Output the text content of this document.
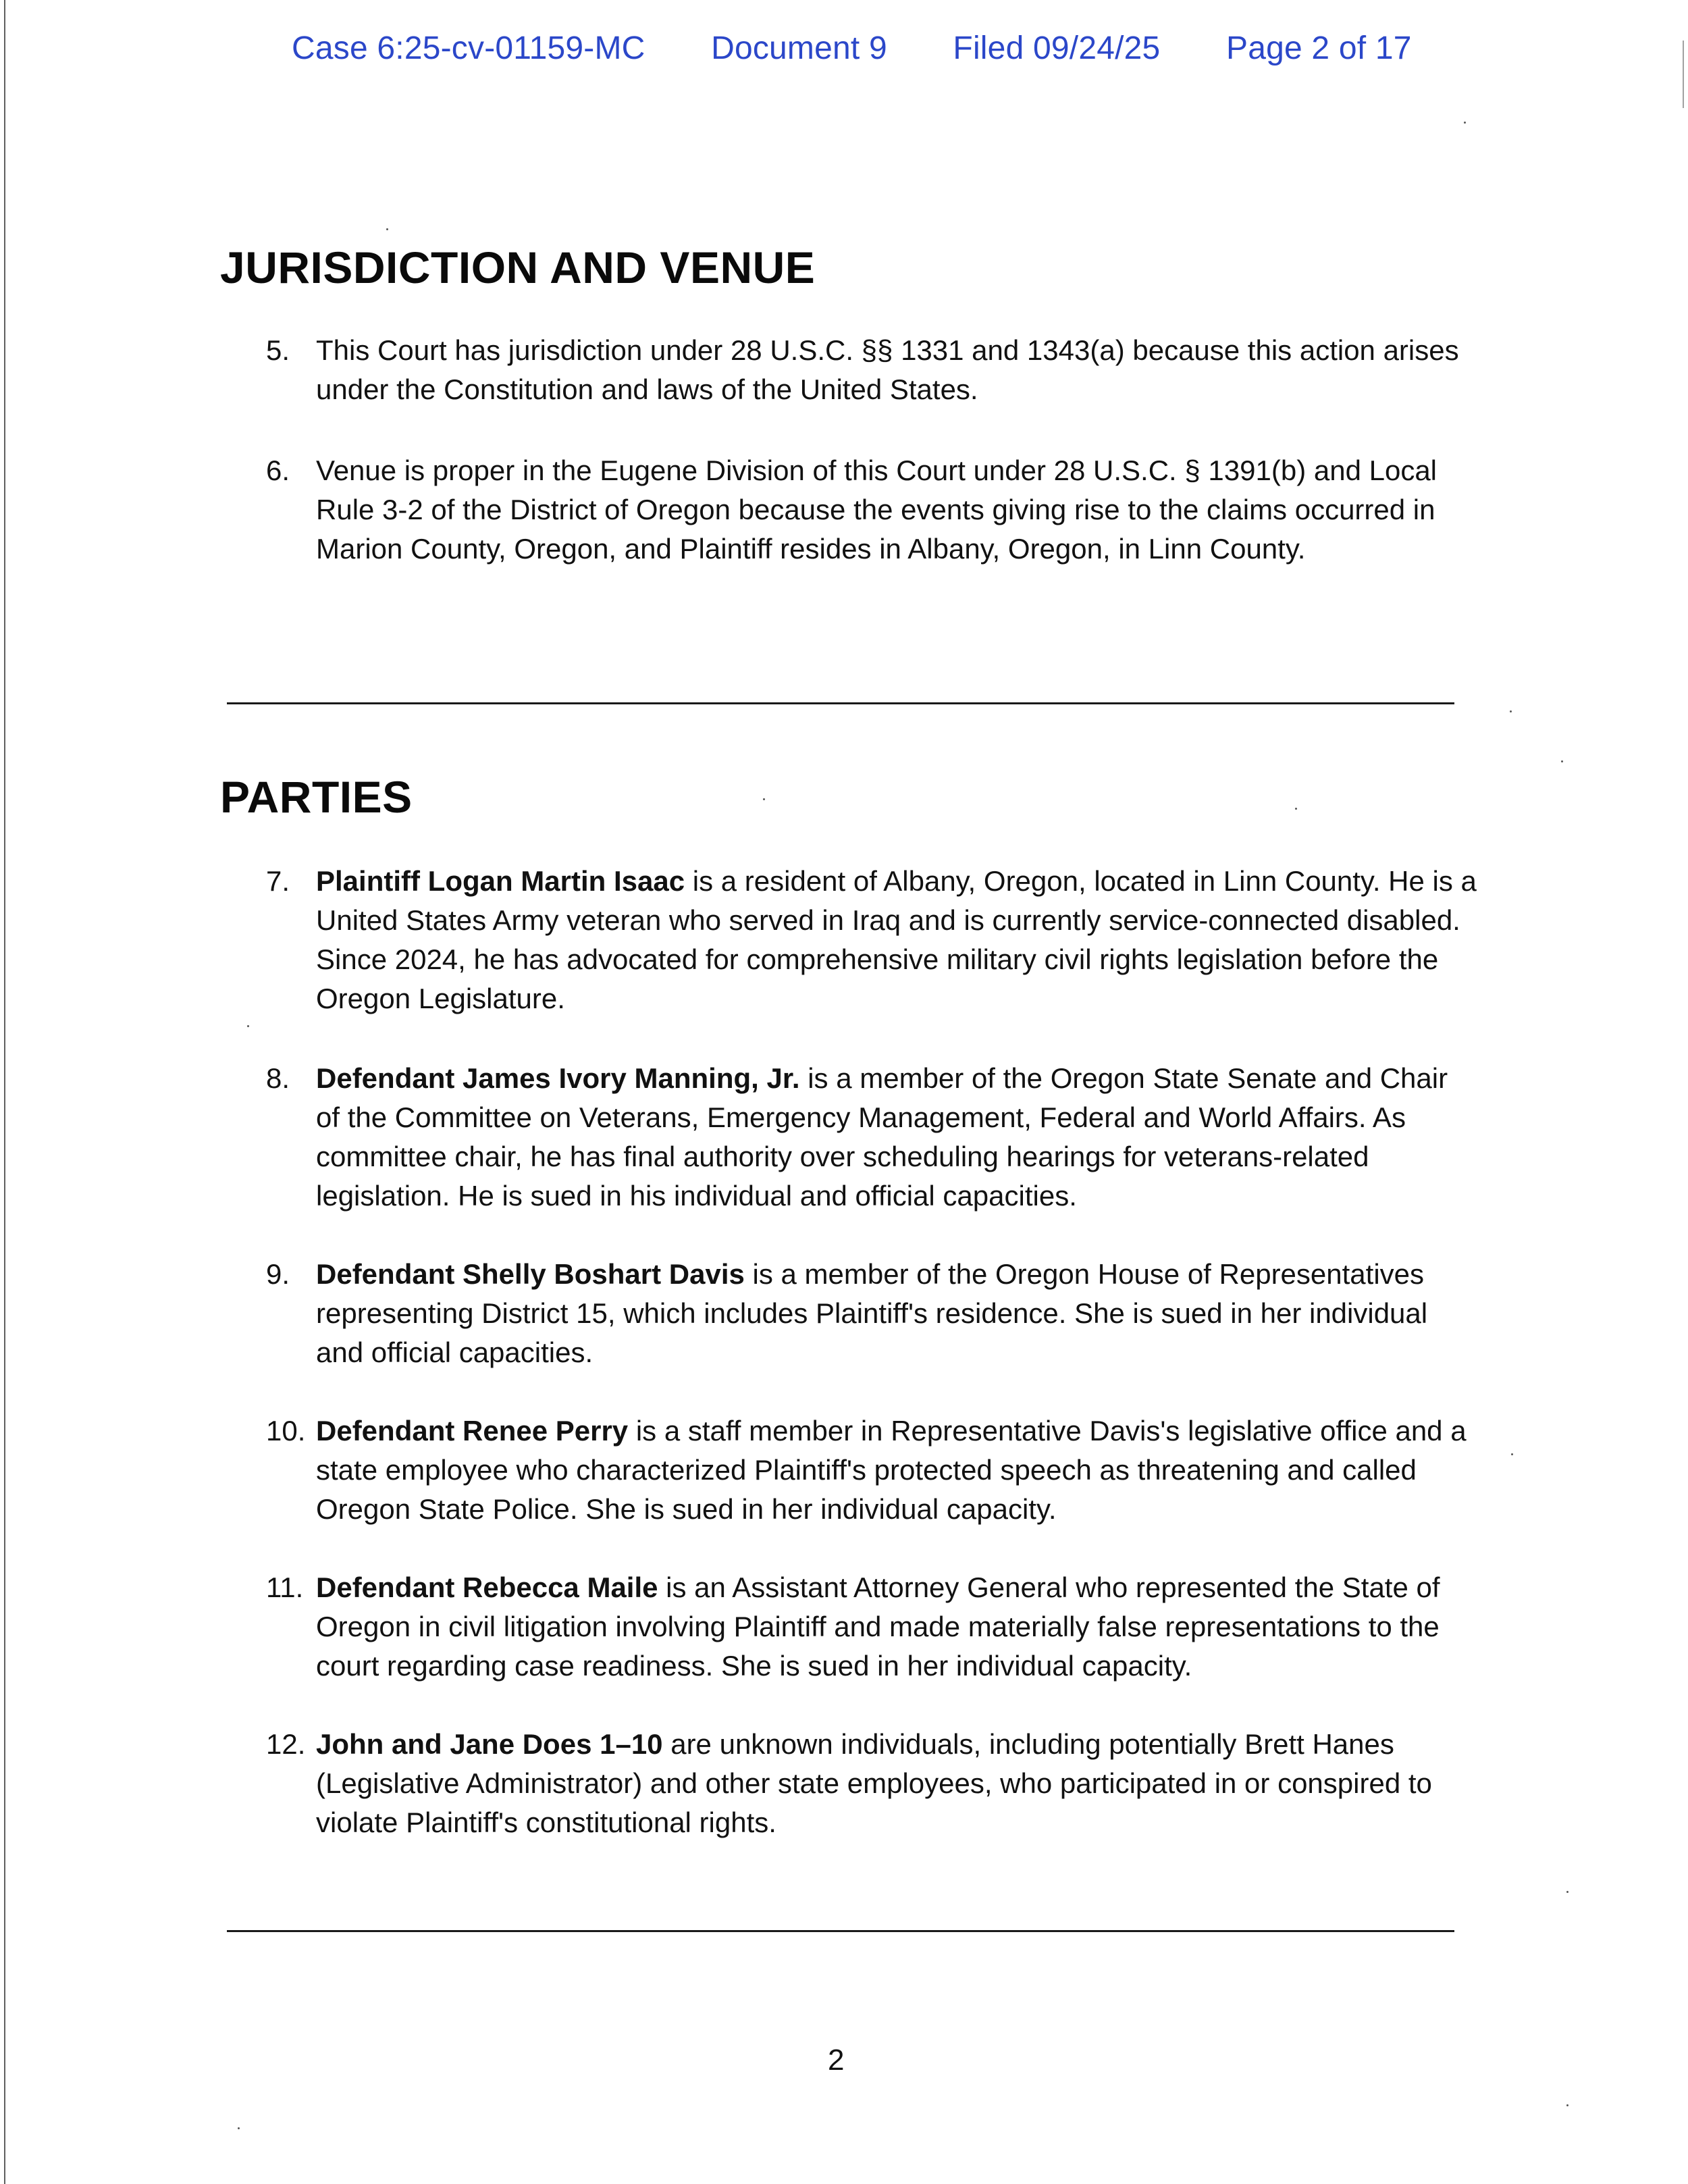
Case 6:25-cv-01159-MC Document 9 Filed 09/24/25 Page 2 of 17
JURISDICTION AND VENUE
5. This Court has jurisdiction under 28 U.S.C. §§ 1331 and 1343(a) because this action arises under the Constitution and laws of the United States.
6. Venue is proper in the Eugene Division of this Court under 28 U.S.C. § 1391(b) and Local Rule 3-2 of the District of Oregon because the events giving rise to the claims occurred in Marion County, Oregon, and Plaintiff resides in Albany, Oregon, in Linn County.
PARTIES
7. Plaintiff Logan Martin Isaac is a resident of Albany, Oregon, located in Linn County. He is a United States Army veteran who served in Iraq and is currently service-connected disabled. Since 2024, he has advocated for comprehensive military civil rights legislation before the Oregon Legislature.
8. Defendant James Ivory Manning, Jr. is a member of the Oregon State Senate and Chair of the Committee on Veterans, Emergency Management, Federal and World Affairs. As committee chair, he has final authority over scheduling hearings for veterans-related legislation. He is sued in his individual and official capacities.
9. Defendant Shelly Boshart Davis is a member of the Oregon House of Representatives representing District 15, which includes Plaintiff's residence. She is sued in her individual and official capacities.
10. Defendant Renee Perry is a staff member in Representative Davis's legislative office and a state employee who characterized Plaintiff's protected speech as threatening and called Oregon State Police. She is sued in her individual capacity.
11. Defendant Rebecca Maile is an Assistant Attorney General who represented the State of Oregon in civil litigation involving Plaintiff and made materially false representations to the court regarding case readiness. She is sued in her individual capacity.
12. John and Jane Does 1–10 are unknown individuals, including potentially Brett Hanes (Legislative Administrator) and other state employees, who participated in or conspired to violate Plaintiff's constitutional rights.
2
